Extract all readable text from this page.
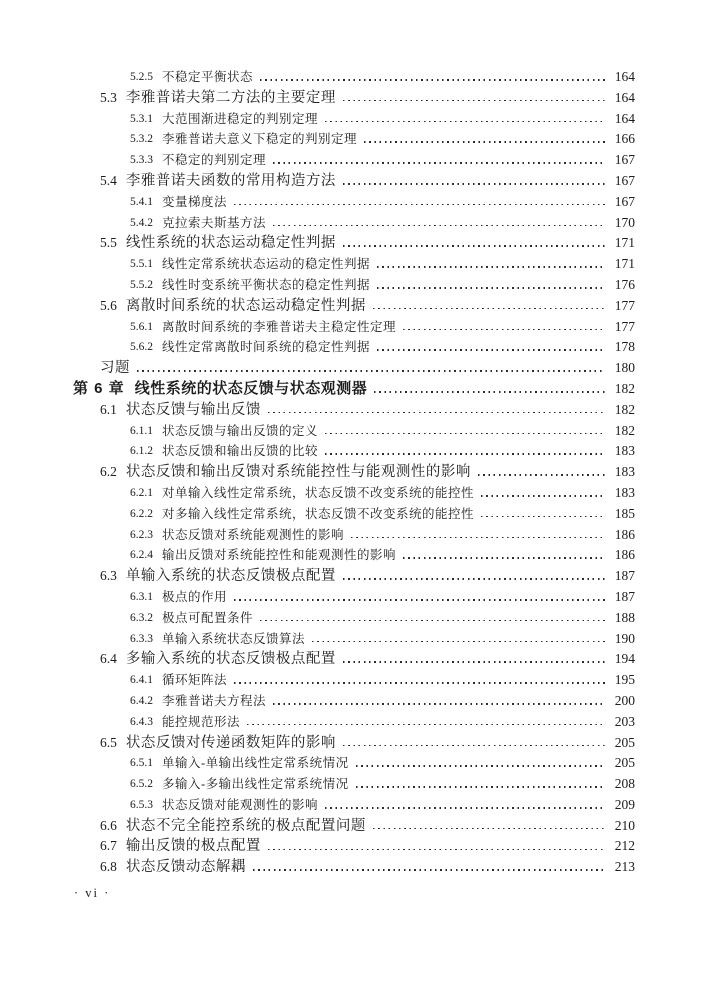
5.2.5 不稳定平衡状态	164
5.3 李雅普诺夫第二方法的主要定理	164
5.3.1 大范围渐进稳定的判别定理	164
5.3.2 李雅普诺夫意义下稳定的判别定理	166
5.3.3 不稳定的判别定理	167
5.4 李雅普诺夫函数的常用构造方法	167
5.4.1 变量梯度法	167
5.4.2 克拉索夫斯基方法	170
5.5 线性系统的状态运动稳定性判据	171
5.5.1 线性定常系统状态运动的稳定性判据	171
5.5.2 线性时变系统平衡状态的稳定性判据	176
5.6 离散时间系统的状态运动稳定性判据	177
5.6.1 离散时间系统的李雅普诺夫主稳定性定理	177
5.6.2 线性定常离散时间系统的稳定性判据	178
习题	180
第 6 章 线性系统的状态反馈与状态观测器	182
6.1 状态反馈与输出反馈	182
6.1.1 状态反馈与输出反馈的定义	182
6.1.2 状态反馈和输出反馈的比较	183
6.2 状态反馈和输出反馈对系统能控性与能观测性的影响	183
6.2.1 对单输入线性定常系统，状态反馈不改变系统的能控性	183
6.2.2 对多输入线性定常系统，状态反馈不改变系统的能控性	185
6.2.3 状态反馈对系统能观测性的影响	186
6.2.4 输出反馈对系统能控性和能观测性的影响	186
6.3 单输入系统的状态反馈极点配置	187
6.3.1 极点的作用	187
6.3.2 极点可配置条件	188
6.3.3 单输入系统状态反馈算法	190
6.4 多输入系统的状态反馈极点配置	194
6.4.1 循环矩阵法	195
6.4.2 李雅普诺夫方程法	200
6.4.3 能控规范形法	203
6.5 状态反馈对传递函数矩阵的影响	205
6.5.1 单输入-单输出线性定常系统情况	205
6.5.2 多输入-多输出线性定常系统情况	208
6.5.3 状态反馈对能观测性的影响	209
6.6 状态不完全能控系统的极点配置问题	210
6.7 输出反馈的极点配置	212
6.8 状态反馈动态解耦	213
· vi ·
